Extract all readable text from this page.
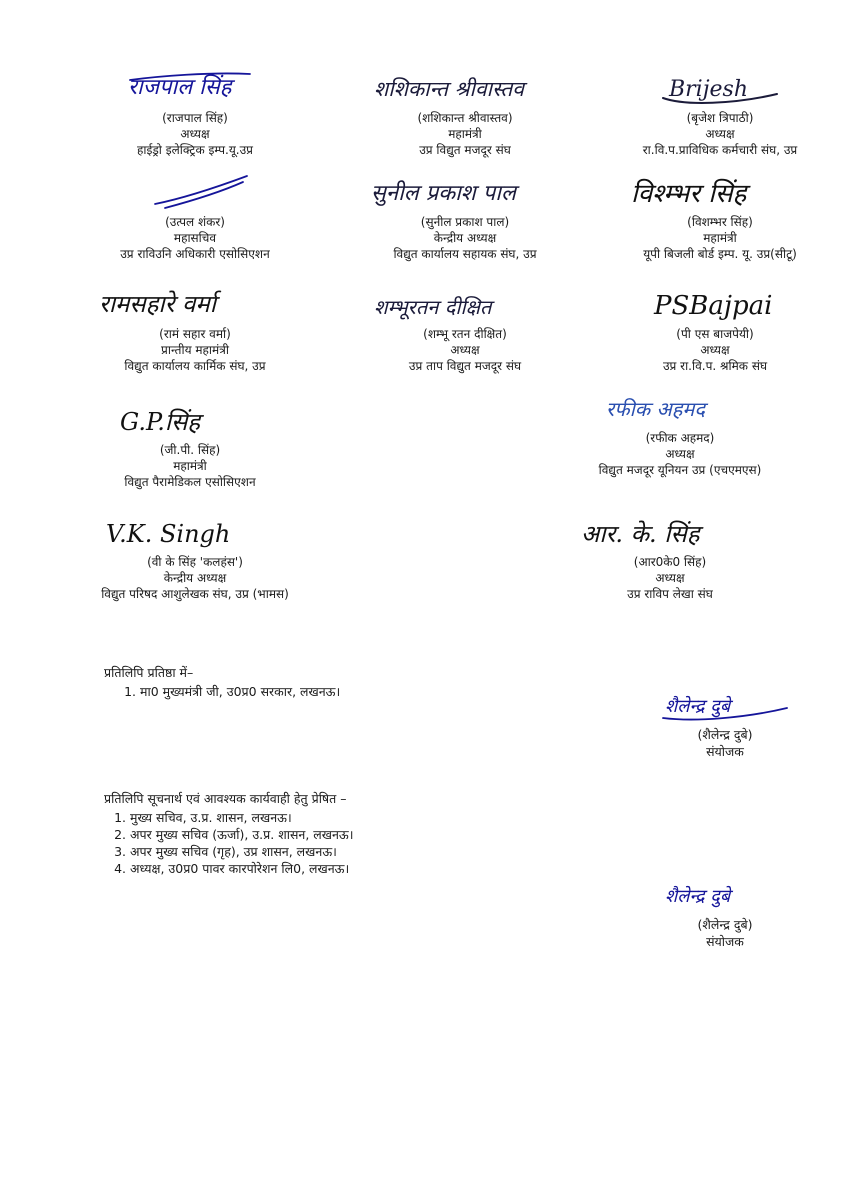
राजपाल सिंह
(राजपाल सिंह)
अध्यक्ष
हाईड्रो इलेक्ट्रिक इम्प.यू.उप्र
शशिकान्त श्रीवास्तव
(शशिकान्त श्रीवास्तव)
महामंत्री
उप्र विद्युत मजदूर संघ
Brijesh
(बृजेश त्रिपाठी)
अध्यक्ष
रा.वि.प.प्राविधिक कर्मचारी संघ, उप्र
(उत्पल शंकर)
महासचिव
उप्र राविउनि अधिकारी एसोसिएशन
सुनील प्रकाश पाल
(सुनील प्रकाश पाल)
केन्द्रीय अध्यक्ष
विद्युत कार्यालय सहायक संघ, उप्र
विश्म्भर सिंह
(विशम्भर सिंह)
महामंत्री
यूपी बिजली बोर्ड इम्प. यू. उप्र(सीटू)
रामसहारे वर्मा
(रामं सहार वर्मा)
प्रान्तीय महामंत्री
विद्युत कार्यालय कार्मिक संघ, उप्र
शम्भूरतन दीक्षित
(शम्भू रतन दीक्षित)
अध्यक्ष
उप्र ताप विद्युत मजदूर संघ
PSBajpai
(पी एस बाजपेयी)
अध्यक्ष
उप्र रा.वि.प. श्रमिक संघ
G.P.सिंह
(जी.पी. सिंह)
महामंत्री
विद्युत पैरामेडिकल एसोसिएशन
रफीक अहमद
(रफीक अहमद)
अध्यक्ष
विद्युत मजदूर यूनियन उप्र (एचएमएस)
V.K. Singh
(वी के सिंह 'कलहंस')
केन्द्रीय अध्यक्ष
विद्युत परिषद आशुलेखक संघ, उप्र (भामस)
आर. के. सिंह
(आर0के0 सिंह)
अध्यक्ष
उप्र राविप लेखा संघ
प्रतिलिपि प्रतिष्ठा में–
1. मा0 मुख्यमंत्री जी, उ0प्र0 सरकार, लखनऊ।
शैलेन्द्र दुबे
(शैलेन्द्र दुबे)
संयोजक
प्रतिलिपि सूचनार्थ एवं आवश्यक कार्यवाही हेतु प्रेषित –
1. मुख्य सचिव, उ.प्र. शासन, लखनऊ।
2. अपर मुख्य सचिव (ऊर्जा), उ.प्र. शासन, लखनऊ।
3. अपर मुख्य सचिव (गृह), उप्र शासन, लखनऊ।
4. अध्यक्ष, उ0प्र0 पावर कारपोरेशन लि0, लखनऊ।
शैलेन्द्र दुबे
(शैलेन्द्र दुबे)
संयोजक
